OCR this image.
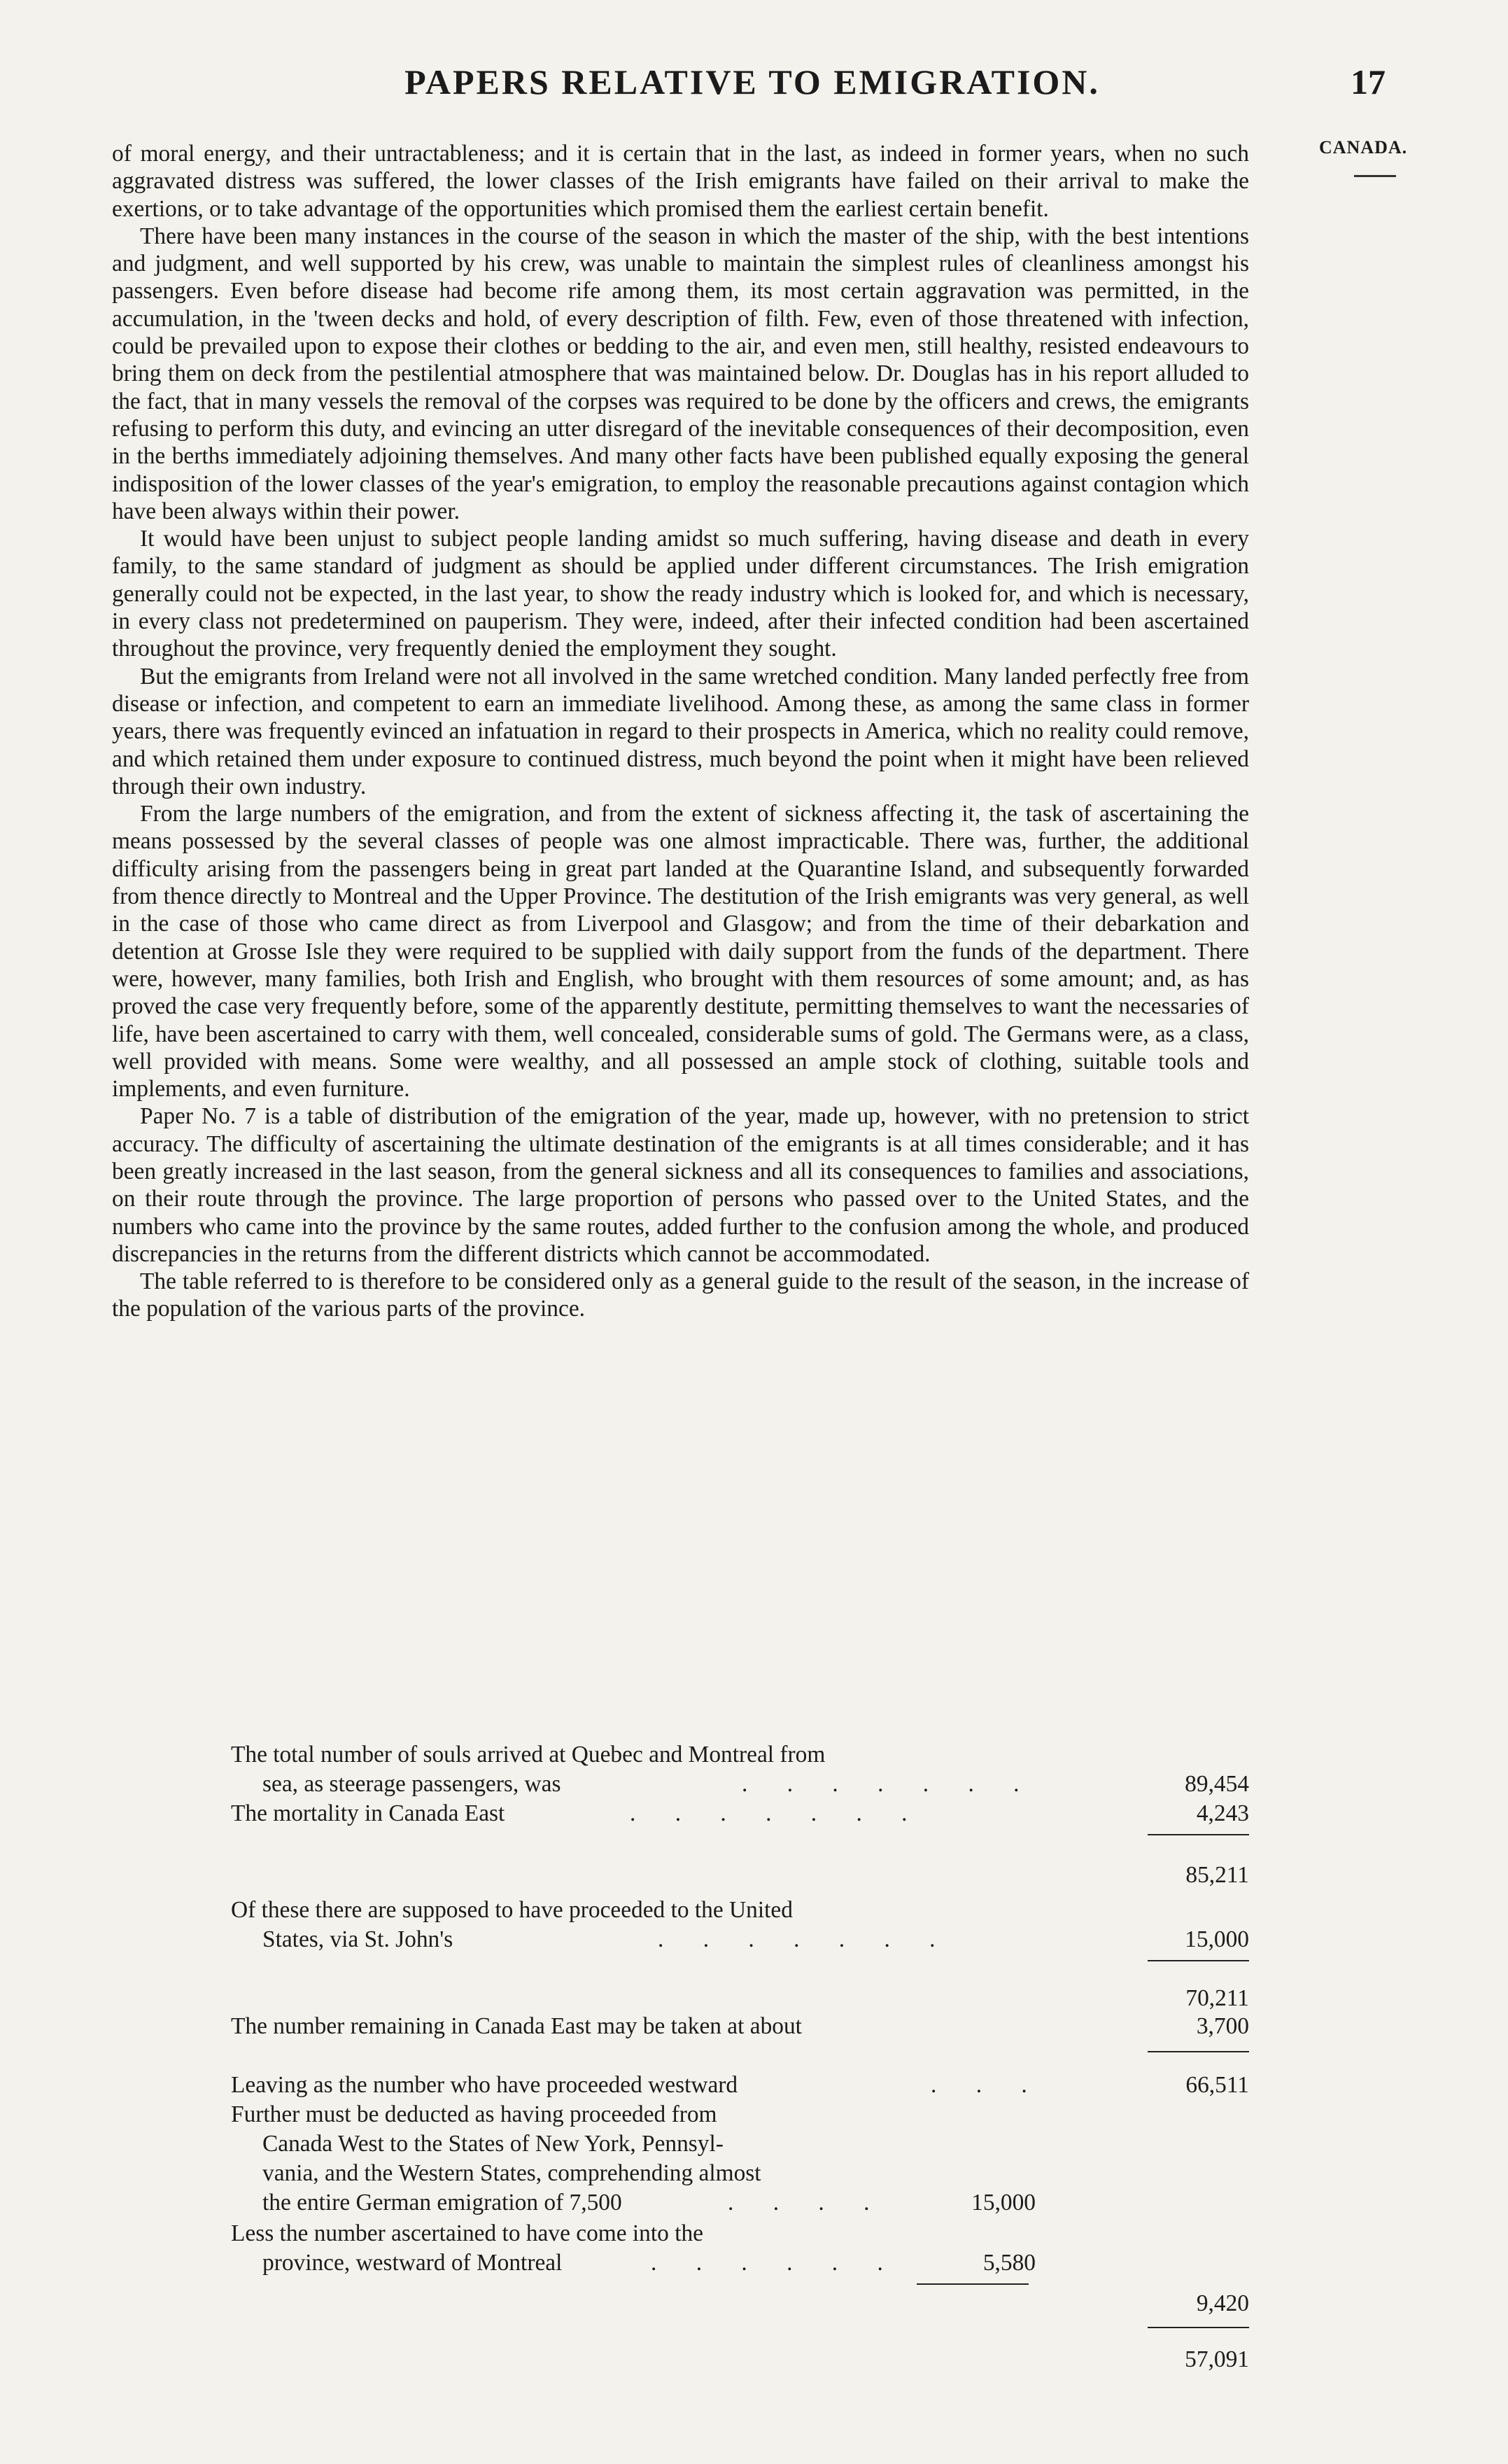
PAPERS RELATIVE TO EMIGRATION.	17
CANADA.

of moral energy, and their untractableness; and it is certain that in the last, as indeed in former years, when no such aggravated distress was suffered, the lower classes of the Irish emigrants have failed on their arrival to make the exertions, or to take advantage of the opportunities which promised them the earliest certain benefit.

There have been many instances in the course of the season in which the master of the ship, with the best intentions and judgment, and well supported by his crew, was unable to maintain the simplest rules of cleanliness amongst his passengers. Even before disease had become rife among them, its most certain aggravation was permitted, in the accumulation, in the 'tween decks and hold, of every description of filth. Few, even of those threatened with infection, could be prevailed upon to expose their clothes or bedding to the air, and even men, still healthy, resisted endeavours to bring them on deck from the pestilential atmosphere that was maintained below. Dr. Douglas has in his report alluded to the fact, that in many vessels the removal of the corpses was required to be done by the officers and crews, the emigrants refusing to perform this duty, and evincing an utter disregard of the inevitable consequences of their decomposition, even in the berths immediately adjoining themselves. And many other facts have been published equally exposing the general indisposition of the lower classes of the year's emigration, to employ the reasonable precautions against contagion which have been always within their power.

It would have been unjust to subject people landing amidst so much suffering, having disease and death in every family, to the same standard of judgment as should be applied under different circumstances. The Irish emigration generally could not be expected, in the last year, to show the ready industry which is looked for, and which is necessary, in every class not predetermined on pauperism. They were, indeed, after their infected condition had been ascertained throughout the province, very frequently denied the employment they sought.

But the emigrants from Ireland were not all involved in the same wretched condition. Many landed perfectly free from disease or infection, and competent to earn an immediate livelihood. Among these, as among the same class in former years, there was frequently evinced an infatuation in regard to their prospects in America, which no reality could remove, and which retained them under exposure to continued distress, much beyond the point when it might have been relieved through their own industry.

From the large numbers of the emigration, and from the extent of sickness affecting it, the task of ascertaining the means possessed by the several classes of people was one almost impracticable. There was, further, the additional difficulty arising from the passengers being in great part landed at the Quarantine Island, and subsequently forwarded from thence directly to Montreal and the Upper Province. The destitution of the Irish emigrants was very general, as well in the case of those who came direct as from Liverpool and Glasgow; and from the time of their debarkation and detention at Grosse Isle they were required to be supplied with daily support from the funds of the department. There were, however, many families, both Irish and English, who brought with them resources of some amount; and, as has proved the case very frequently before, some of the apparently destitute, permitting themselves to want the necessaries of life, have been ascertained to carry with them, well concealed, considerable sums of gold. The Germans were, as a class, well provided with means. Some were wealthy, and all possessed an ample stock of clothing, suitable tools and implements, and even furniture.

Paper No. 7 is a table of distribution of the emigration of the year, made up, however, with no pretension to strict accuracy. The difficulty of ascertaining the ultimate destination of the emigrants is at all times considerable; and it has been greatly increased in the last season, from the general sickness and all its consequences to families and associations, on their route through the province. The large proportion of persons who passed over to the United States, and the numbers who came into the province by the same routes, added further to the confusion among the whole, and produced discrepancies in the returns from the different districts which cannot be accommodated.

The table referred to is therefore to be considered only as a general guide to the result of the season, in the increase of the population of the various parts of the province.

The total number of souls arrived at Quebec and Montreal from
sea, as steerage passengers, was	. . . . . . .	89,454
The mortality in Canada East	. . . . . . .	4,243
85,211
Of these there are supposed to have proceeded to the United
States, via St. John's	. . . . . . .	15,000
70,211
The number remaining in Canada East may be taken at about	3,700
Leaving as the number who have proceeded westward	. . .	66,511
Further must be deducted as having proceeded from
Canada West to the States of New York, Pennsyl-
vania, and the Western States, comprehending almost
the entire German emigration of 7,500	. . . .	15,000
Less the number ascertained to have come into the
province, westward of Montreal	. . . . . .	5,580
9,420
57,091
